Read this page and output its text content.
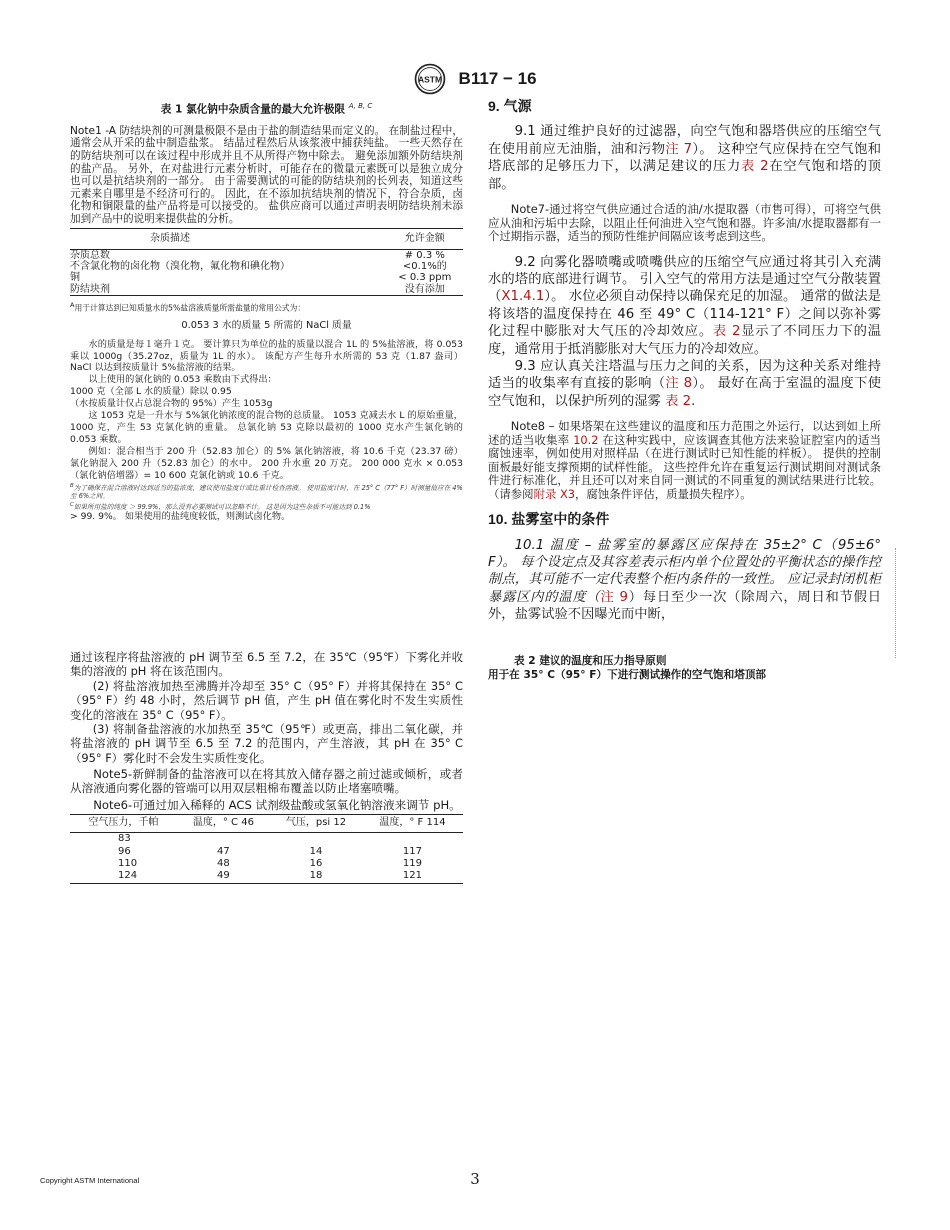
ASTM B117 − 16
表 1 氯化钠中杂质含量的最大允许极限 $^{A, B, C}$

Note1 -A 防结块剂的可测量极限不是由于盐的制造结果而定义的。 在制盐过程中，通常会从开采的盐中制造盐浆。 结晶过程然后从该浆液中捕获纯盐。 一些天然存在的防结块剂可以在该过程中形成并且不从所得产物中除去。 避免添加额外防结块剂的盐产品。 另外，在对盐进行元素分析时，可能存在的微量元素既可以是独立成分也可以是抗结块剂的一部分。 由于需要测试的可能的防结块剂的长列表，知道这些元素来自哪里是不经济可行的。 因此，在不添加抗结块剂的情况下，符合杂质，卤化物和铜限量的盐产品将是可以接受的。 盐供应商可以通过声明表明防结块剂未添加到产品中的说明来提供盐的分析。

杂质描述	允许金额
杂质总数	# 0.3 %
不含氯化物的卤化物（溴化物，氟化物和碘化物）	<0.1%的
铜	< 0.3 ppm
防结块剂	没有添加

$^A$用于计算达到已知质量水的5%盐溶液质量所需盐量的常用公式为：

0.053 3 水的质量 5 所需的 NaCl 质量

水的质量是每１毫升１克。 要计算只为单位的盐的质量以混合 1L 的 5%盐溶液，将 0.053 乘以 1000g（35.27oz，质量为 1L 的水）。 该配方产生每升水所需的 53 克（1.87 盎司）NaCl 以达到按质量计 5%盐溶液的结果。

以上使用的氯化钠的 0.053 乘数由下式得出：

1000 克（全部 L 水的质量）除以 0.95

（水按质量计仅占总混合物的 95%）产生 1053g

这 1053 克是一升水与 5%氯化钠浓度的混合物的总质量。 1053 克减去水 L 的原始重量，1000 克，产生 53 克氯化钠的重量。 总氯化钠 53 克除以最初的 1000 克水产生氯化钠的 0.053 乘数。

例如：混合相当于 200 升（52.83 加仑）的 5% 氯化钠溶液，将 10.6 千克（23.37 磅）氯化钠混入 200 升（52.83 加仑）的水中。 200 升水重 20 万克。 200 000 克水 × 0.053（氯化钠倍增器）= 10 600 克氯化钠或 10.6 千克。

$^B$为了确保在混合溶液时达到适当的盐浓度，建议使用盐度计或比重计检查溶液。 使用盐度计时，在 25° C（77° F）时测量值应在 4%至 6%之间。

$^C$如果所用盐的纯度 ＞ 99.9%，那么没有必要测试可以忽略不计。 这是因为这些杂质不可能达到 0.1%

> 99. 9%。 如果使用的盐纯度较低，则测试卤化物。

通过该程序将盐溶液的 pH 调节至 6.5 至 7.2，在 35℃（95℉）下雾化并收集的溶液的 pH 将在该范围内。

(2) 将盐溶液加热至沸腾并冷却至 35° C（95° F）并将其保持在 35° C（95° F）约 48 小时，然后调节 pH 值，产生 pH 值在雾化时不发生实质性变化的溶液在 35° C（95° F）。

(3) 将制备盐溶液的水加热至 35℃（95℉）或更高，排出二氧化碳，并将盐溶液的 pH 调节至 6.5 至 7.2 的范围内，产生溶液，其 pH 在 35° C（95° F）雾化时不会发生实质性变化。

Note5-新鲜制备的盐溶液可以在将其放入储存器之前过滤或倾析，或者从溶液通向雾化器的管端可以用双层粗棉布覆盖以防止堵塞喷嘴。

Note6-可通过加入稀释的 ACS 试剂级盐酸或氢氧化钠溶液来调节 pH。

空气压力，千帕	温度，° C 46	气压，psi 12	温度，° F 114
83			
96	47	14	117
110	48	16	119
124	49	18	121
9. 气源

9.1 通过维护良好的过滤器，向空气饱和器塔供应的压缩空气在使用前应无油脂，油和污物注 7）。 这种空气应保持在空气饱和塔底部的足够压力下，以满足建议的压力表 2在空气饱和塔的顶部。

Note7-通过将空气供应通过合适的油/水提取器（市售可得），可将空气供应从油和污垢中去除，以阻止任何油进入空气饱和器。许多油/水提取器都有一个过期指示器，适当的预防性维护间隔应该考虑到这些。

9.2 向雾化器喷嘴或喷嘴供应的压缩空气应通过将其引入充满水的塔的底部进行调节。 引入空气的常用方法是通过空气分散装置（X1.4.1）。 水位必须自动保持以确保充足的加湿。 通常的做法是将该塔的温度保持在 46 至 49° C（114-121° F）之间以弥补雾化过程中膨胀对大气压的冷却效应。表 2显示了不同压力下的温度，通常用于抵消膨胀对大气压力的冷却效应。

9.3 应认真关注塔温与压力之间的关系，因为这种关系对维持适当的收集率有直接的影响（注 8）。 最好在高于室温的温度下使空气饱和，以保护所列的湿雾 表 2.

Note8 – 如果塔架在这些建议的温度和压力范围之外运行，以达到如上所述的适当收集率 10.2 在这种实践中，应该调查其他方法来验证腔室内的适当腐蚀速率，例如使用对照样品（在进行测试时已知性能的样板）。 提供的控制面板最好能支撑预期的试样性能。 这些控件允许在重复运行测试期间对测试条件进行标准化，并且还可以对来自同一测试的不同重复的测试结果进行比较。 （请参阅附录 X3，腐蚀条件评估，质量损失程序）。

10. 盐雾室中的条件

10.1 温度 – 盐雾室的暴露区应保持在 35±2° C（95±6° F）。 每个设定点及其容差表示柜内单个位置处的平衡状态的操作控制点，其可能不一定代表整个柜内条件的一致性。 应记录封闭机柜暴露区内的温度（注 9）每日至少一次（除周六，周日和节假日外，盐雾试验不因曝光而中断，

表 2 建议的温度和压力指导原则
用于在 35° C（95° F）下进行测试操作的空气饱和塔顶部
Copyright ASTM International	3
